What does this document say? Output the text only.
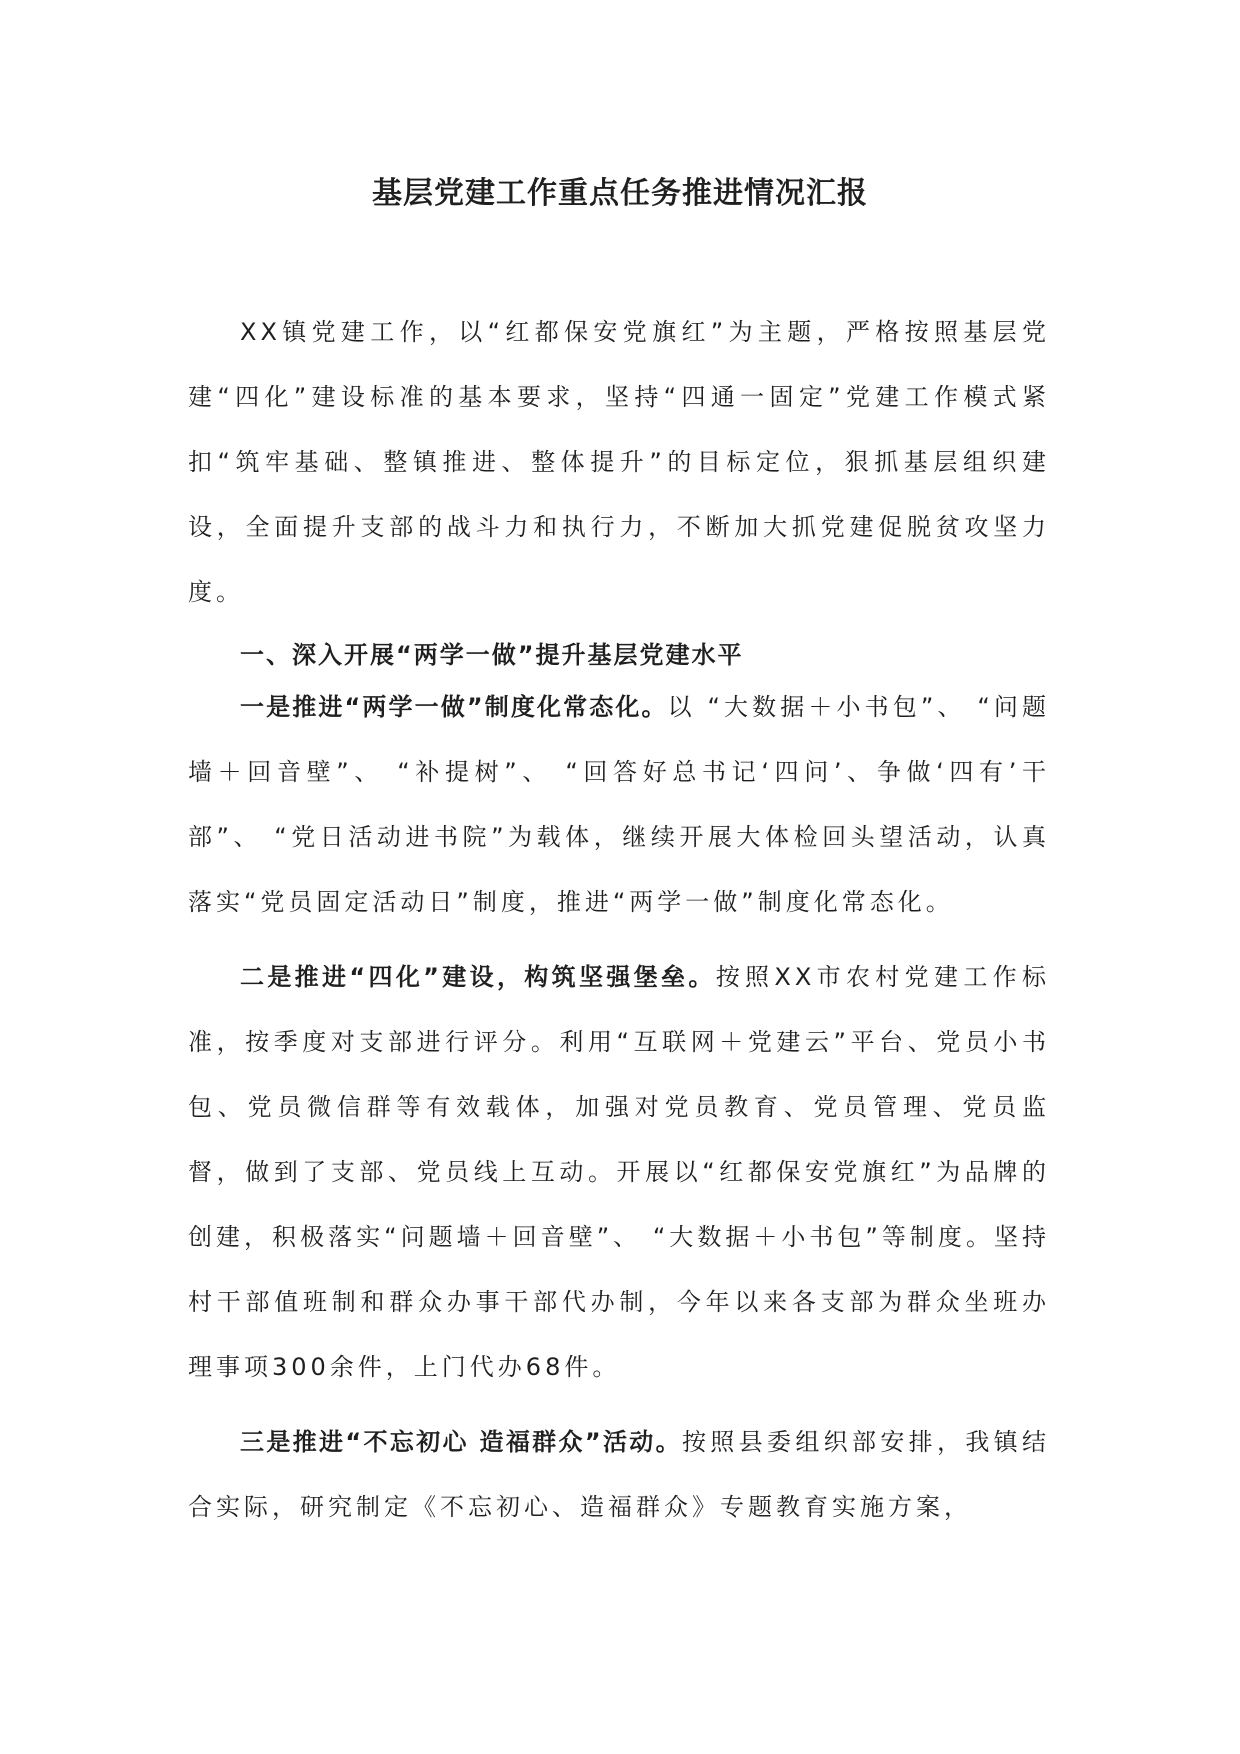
基层党建工作重点任务推进情况汇报

XX镇党建工作，以“红都保安党旗红”为主题，严格按照基层党建“四化”建设标准的基本要求，坚持“四通一固定”党建工作模式紧扣“筑牢基础、整镇推进、整体提升”的目标定位，狠抓基层组织建设，全面提升支部的战斗力和执行力，不断加大抓党建促脱贫攻坚力度。

一、深入开展“两学一做”提升基层党建水平

一是推进“两学一做”制度化常态化。以 “大数据＋小书包”、 “问题墙＋回音壁”、 “补提树”、 “回答好总书记‘四问’、争做‘四有’干部”、 “党日活动进书院”为载体，继续开展大体检回头望活动，认真落实“党员固定活动日”制度，推进“两学一做”制度化常态化。

二是推进“四化”建设，构筑坚强堡垒。按照XX市农村党建工作标准，按季度对支部进行评分。利用“互联网＋党建云”平台、党员小书包、党员微信群等有效载体，加强对党员教育、党员管理、党员监督，做到了支部、党员线上互动。开展以“红都保安党旗红”为品牌的创建，积极落实“问题墙＋回音壁”、 “大数据＋小书包”等制度。坚持村干部值班制和群众办事干部代办制，今年以来各支部为群众坐班办理事项300余件，上门代办68件。

三是推进“不忘初心 造福群众”活动。按照县委组织部安排，我镇结合实际，研究制定《不忘初心、造福群众》专题教育实施方案，
